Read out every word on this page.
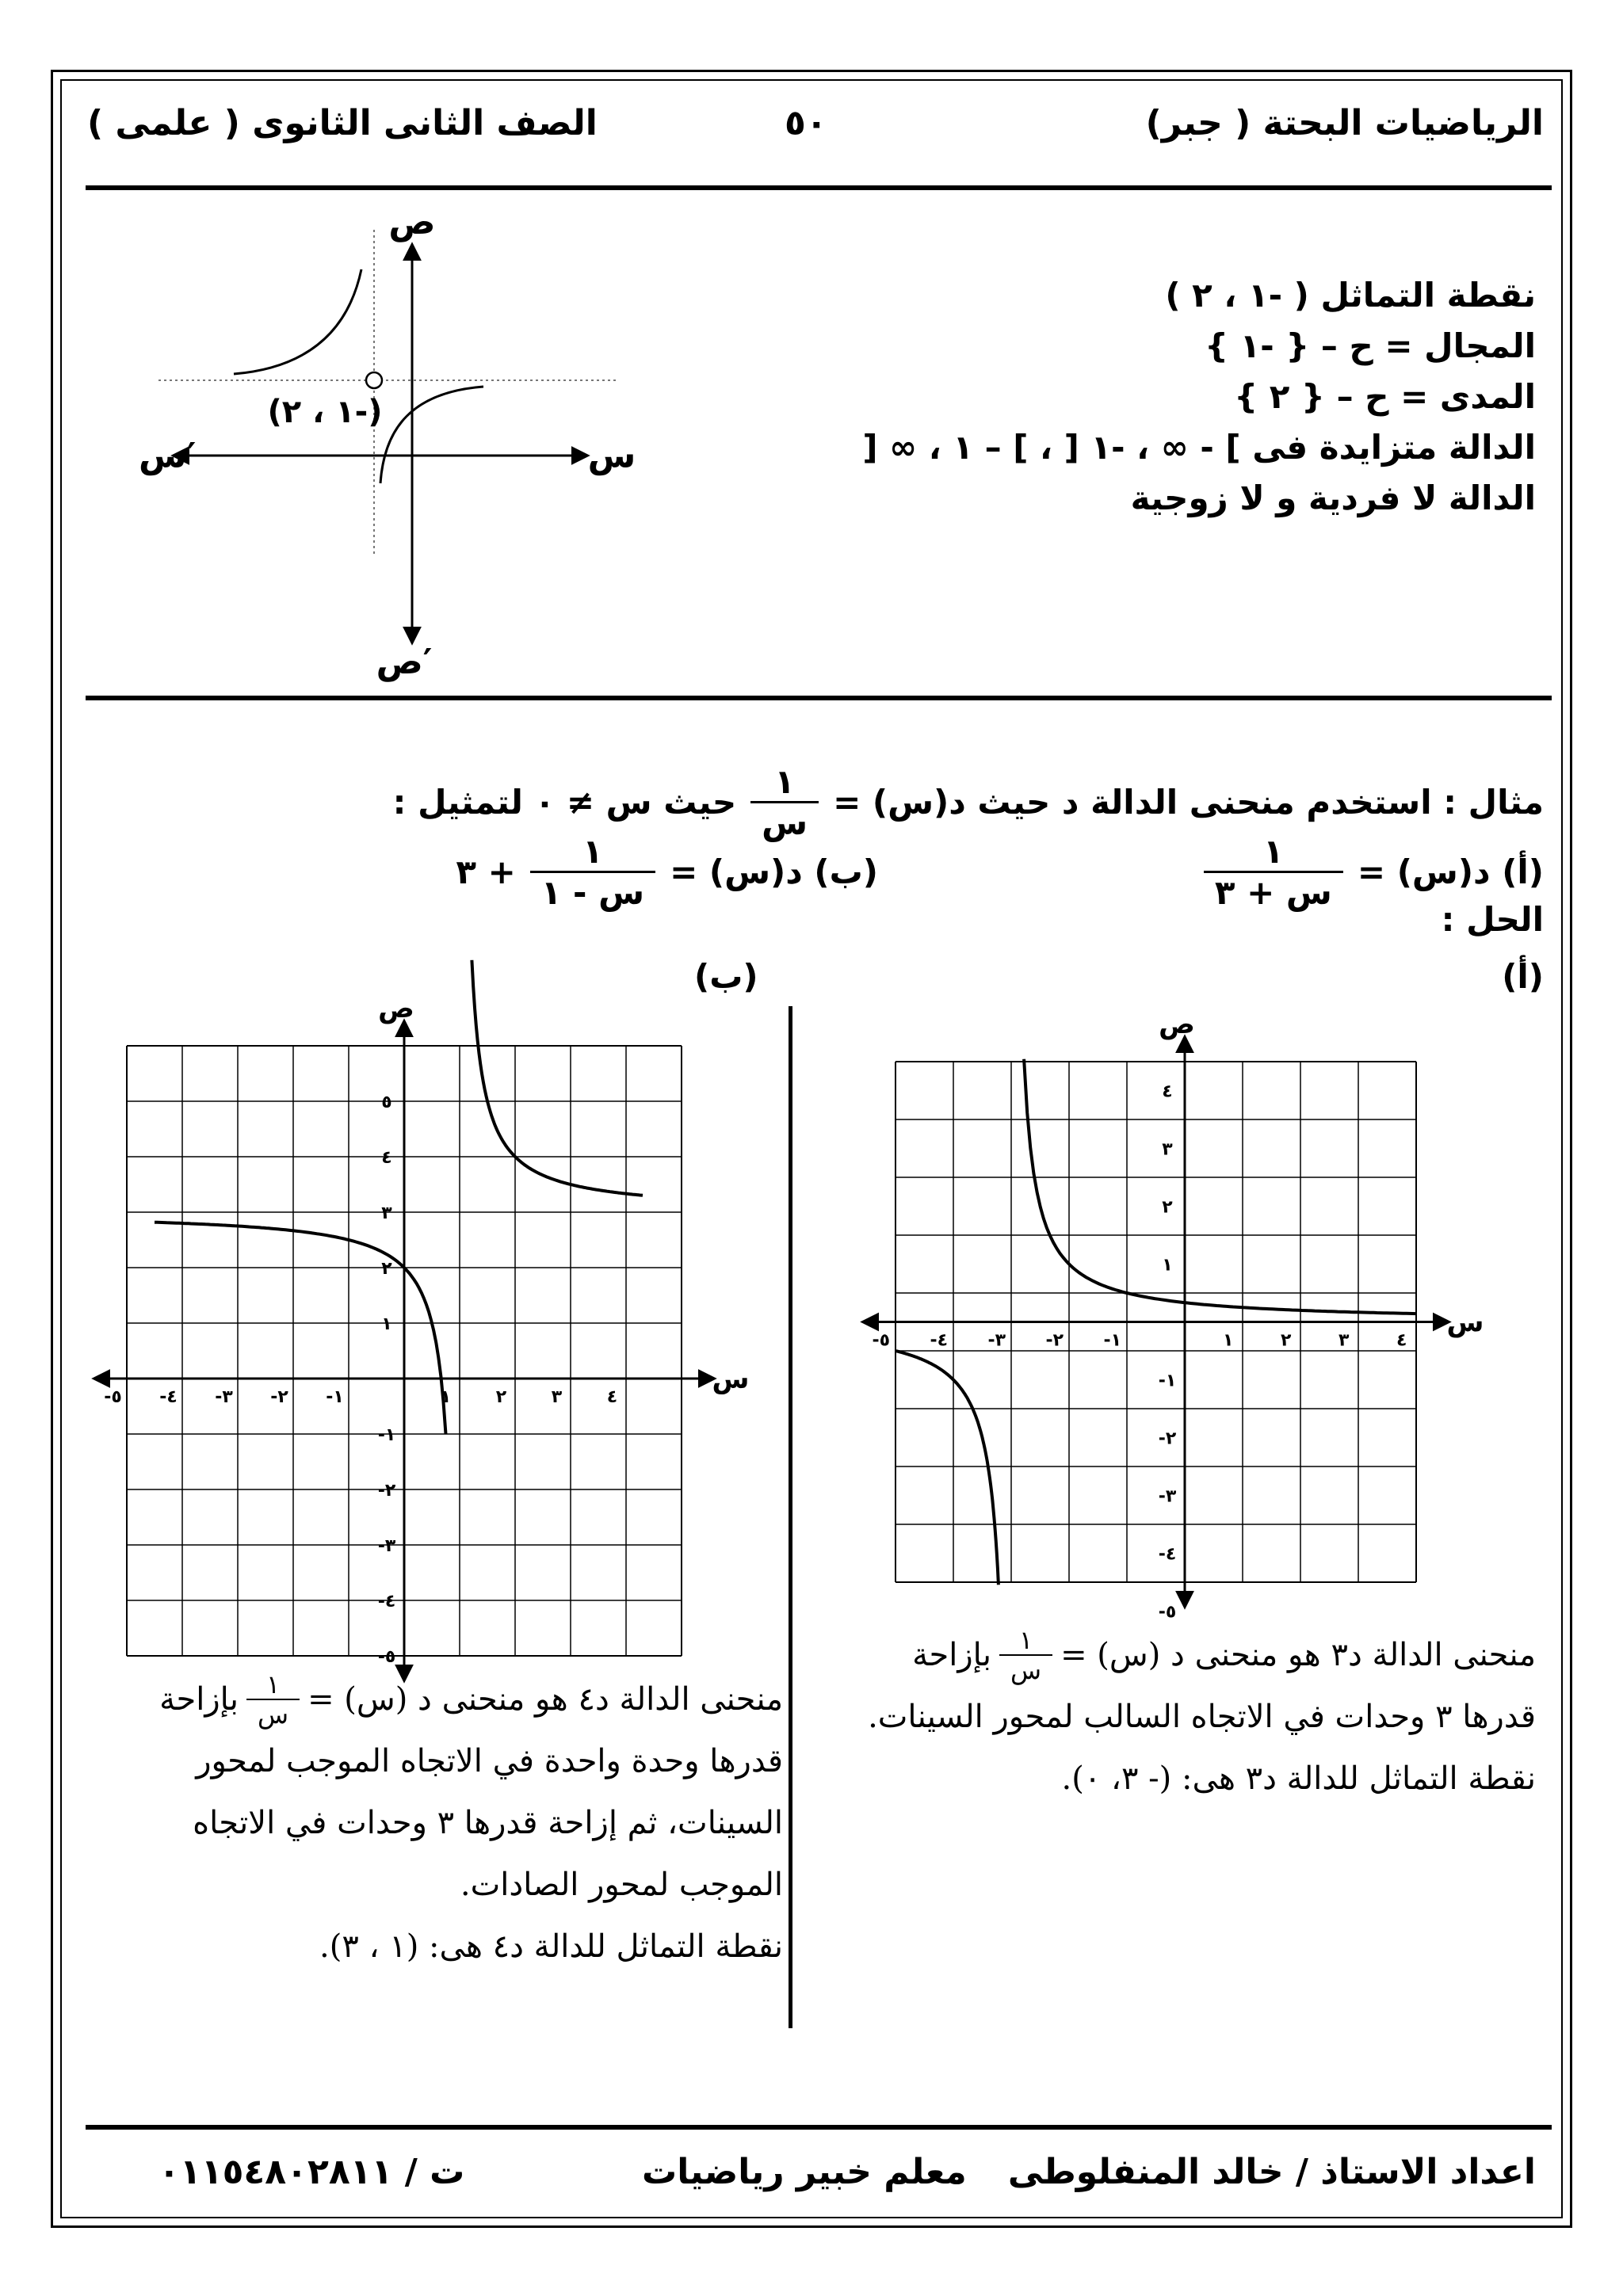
الرياضيات البحتة ( جبر)
٥٠
الصف الثانى الثانوى ( علمى )
نقطة التماثل ( -١ ، ٢ )
المجال = ح – { -١ }
المدى = ح – { ٢ }
الدالة متزايدة فى ] - ∞ ، -١ [ ، ] – ١ ، ∞ [
الدالة لا فردية و لا زوجية
ص
ص′
س
س′
(-١ ، ٢)
مثال : استخدم منحنى الدالة د حيث د(س) =
$\frac{١}{\text{س}}$
حيث س ≠ ٠ لتمثيل :
(أ) د(س) =
$\frac{١}{\text{س + ٣}}$
(ب) د(س) =
$\frac{١}{\text{س - ١}}$
+ ٣
الحل :
(أ)
(ب)
-٥ -٤ -٣ -٢ -١	١	٢	٣	٤
٤
٣
٢
١
-١
-٢
-٣
-٤
-٥
س
ص
-٥ -٤ -٣ -٢ -١	١	٢	٣	٤
٥
٤
٣
٢
١
-١
-٢
-٣
-٤
-٥
س
ص
منحنى الدالة د٣ هو منحنى د (س) =
$\frac{١}{\text{س}}$
بإزاحة
قدرها ٣ وحدات في الاتجاه السالب لمحور السينات.
نقطة التماثل للدالة د٣ هى: (- ٣، ٠).
منحنى الدالة د٤ هو منحنى د (س) =
$\frac{١}{\text{س}}$
بإزاحة
قدرها وحدة واحدة في الاتجاه الموجب لمحور
السينات، ثم إزاحة قدرها ٣ وحدات في الاتجاه
الموجب لمحور الصادات.
نقطة التماثل للدالة د٤ هى: (١ ، ٣).
اعداد الاستاذ / خالد المنفلوطى
معلم خبير رياضيات
ت / ٠١١٥٤٨٠٢٨١١
